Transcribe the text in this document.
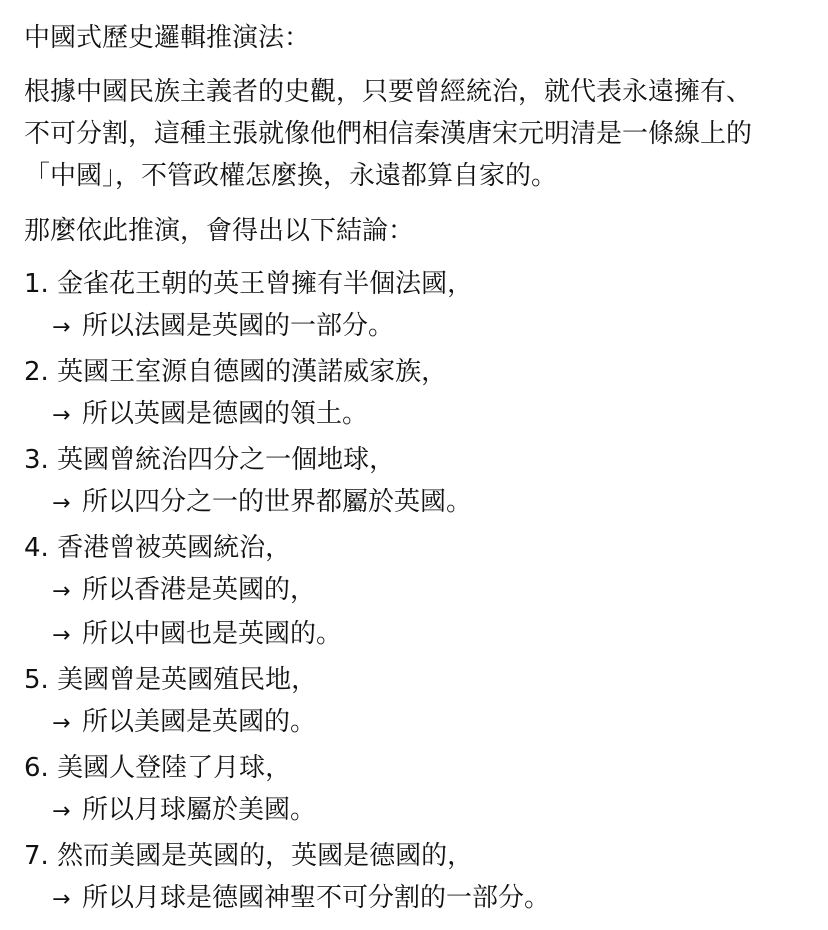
中國式歷史邏輯推演法：
根據中國民族主義者的史觀，只要曾經統治，就代表永遠擁有、
不可分割，這種主張就像他們相信秦漢唐宋元明清是一條線上的
「中國」，不管政權怎麼換，永遠都算自家的。
那麼依此推演，會得出以下結論：
1. 金雀花王朝的英王曾擁有半個法國，
→ 所以法國是英國的一部分。
2. 英國王室源自德國的漢諾威家族，
→ 所以英國是德國的領土。
3. 英國曾統治四分之一個地球，
→ 所以四分之一的世界都屬於英國。
4. 香港曾被英國統治，
→ 所以香港是英國的，
→ 所以中國也是英國的。
5. 美國曾是英國殖民地，
→ 所以美國是英國的。
6. 美國人登陸了月球，
→ 所以月球屬於美國。
7. 然而美國是英國的，英國是德國的，
→ 所以月球是德國神聖不可分割的一部分。
